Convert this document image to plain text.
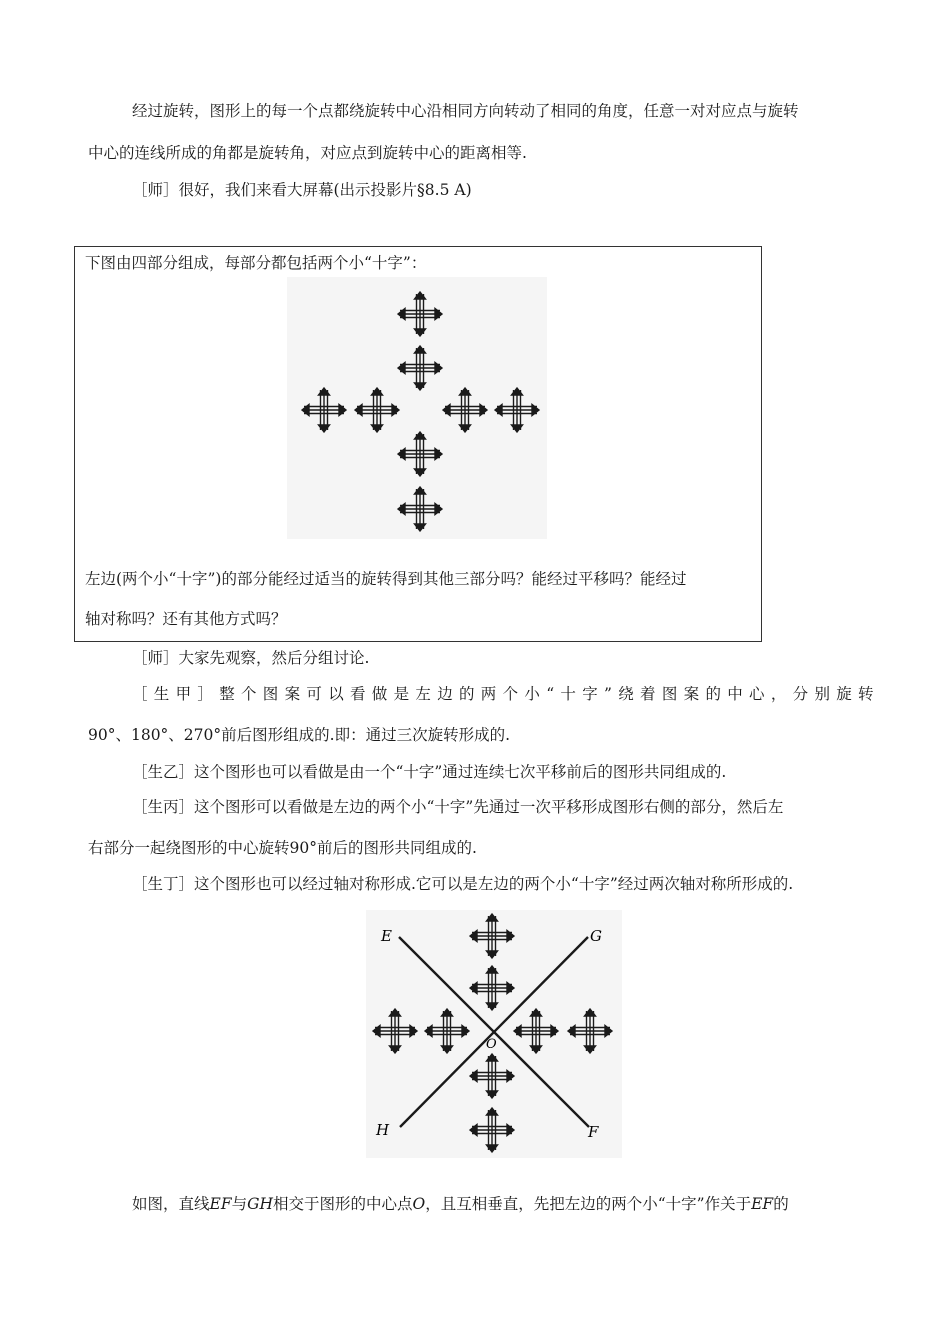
经过旋转，图形上的每一个点都绕旋转中心沿相同方向转动了相同的角度，任意一对对应点与旋转
中心的连线所成的角都是旋转角，对应点到旋转中心的距离相等.
［师］很好，我们来看大屏幕(出示投影片§8.5 A)
下图由四部分组成，每部分都包括两个小“十字”：
左边(两个小“十字”)的部分能经过适当的旋转得到其他三部分吗？能经过平移吗？能经过
轴对称吗？还有其他方式吗？
［师］大家先观察，然后分组讨论.
［生甲］整个图案可以看做是左边的两个小“十字”绕着图案的中心，分别旋转
90°、180°、270°前后图形组成的.即：通过三次旋转形成的.
［生乙］这个图形也可以看做是由一个“十字”通过连续七次平移前后的图形共同组成的.
［生丙］这个图形可以看做是左边的两个小“十字”先通过一次平移形成图形右侧的部分，然后左
右部分一起绕图形的中心旋转90°前后的图形共同组成的.
［生丁］这个图形也可以经过轴对称形成.它可以是左边的两个小“十字”经过两次轴对称所形成的.
E	G
H	F
O
如图，直线EF与GH相交于图形的中心点O，且互相垂直，先把左边的两个小“十字”作关于EF的
